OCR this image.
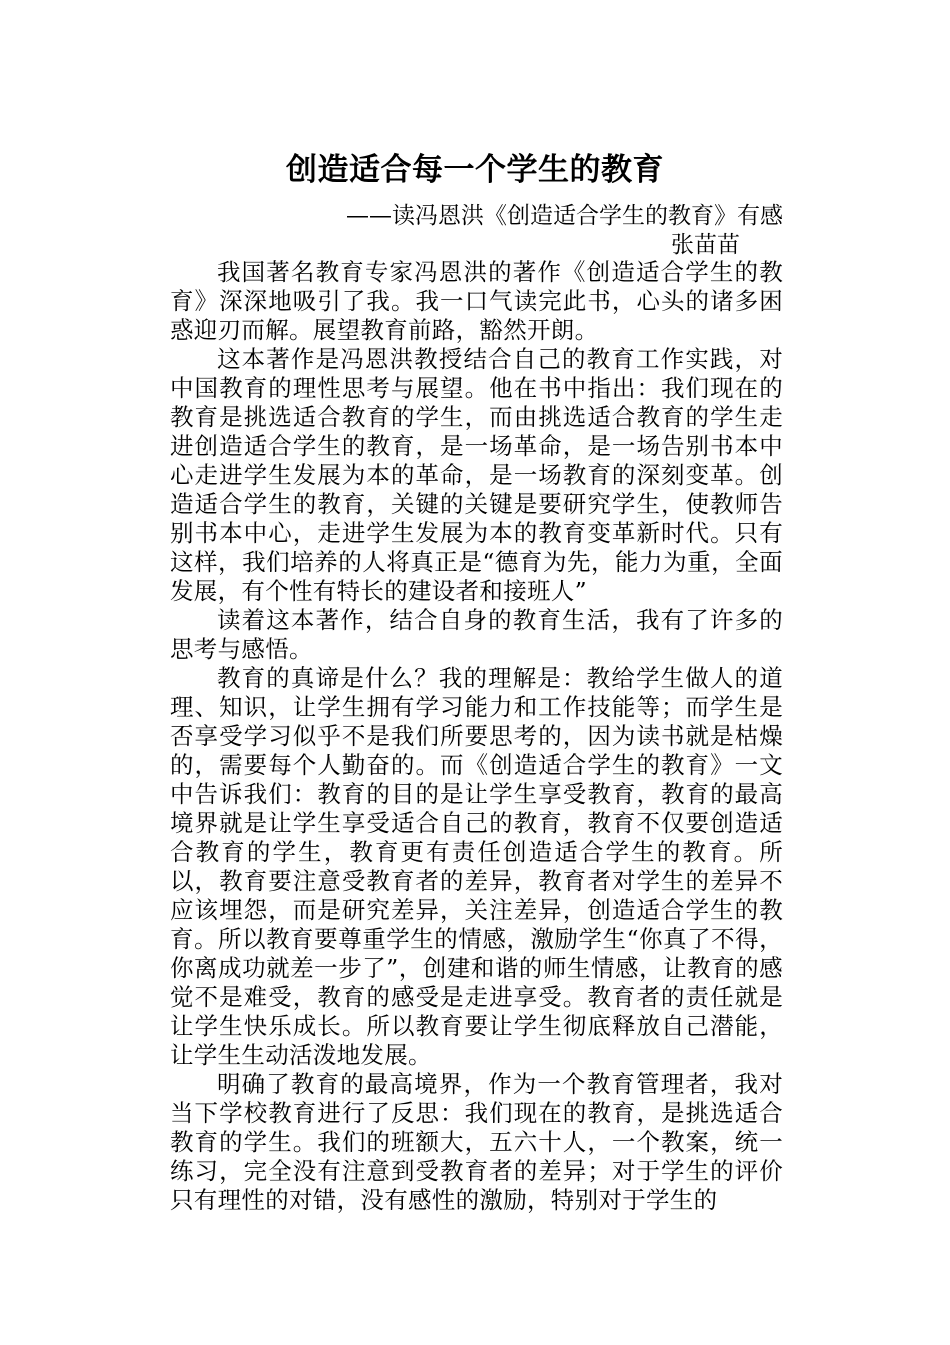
创造适合每一个学生的教育

——读冯恩洪《创造适合学生的教育》有感

张苗苗

我国著名教育专家冯恩洪的著作《创造适合学生的教育》深深地吸引了我。我一口气读完此书，心头的诸多困惑迎刃而解。展望教育前路，豁然开朗。

这本著作是冯恩洪教授结合自己的教育工作实践，对中国教育的理性思考与展望。他在书中指出：我们现在的教育是挑选适合教育的学生，而由挑选适合教育的学生走进创造适合学生的教育，是一场革命，是一场告别书本中心走进学生发展为本的革命，是一场教育的深刻变革。创造适合学生的教育，关键的关键是要研究学生，使教师告别书本中心，走进学生发展为本的教育变革新时代。只有这样，我们培养的人将真正是“德育为先，能力为重，全面发展，有个性有特长的建设者和接班人”

读着这本著作，结合自身的教育生活，我有了许多的思考与感悟。

教育的真谛是什么？我的理解是：教给学生做人的道理、知识，让学生拥有学习能力和工作技能等；而学生是否享受学习似乎不是我们所要思考的，因为读书就是枯燥的，需要每个人勤奋的。而《创造适合学生的教育》一文中告诉我们：教育的目的是让学生享受教育，教育的最高境界就是让学生享受适合自己的教育，教育不仅要创造适合教育的学生，教育更有责任创造适合学生的教育。所以，教育要注意受教育者的差异，教育者对学生的差异不应该埋怨，而是研究差异，关注差异，创造适合学生的教育。所以教育要尊重学生的情感，激励学生“你真了不得，你离成功就差一步了”，创建和谐的师生情感，让教育的感觉不是难受，教育的感受是走进享受。教育者的责任就是让学生快乐成长。所以教育要让学生彻底释放自己潜能，让学生生动活泼地发展。

明确了教育的最高境界，作为一个教育管理者，我对当下学校教育进行了反思：我们现在的教育，是挑选适合教育的学生。我们的班额大，五六十人，一个教案，统一练习，完全没有注意到受教育者的差异；对于学生的评价只有理性的对错，没有感性的激励，特别对于学生的
